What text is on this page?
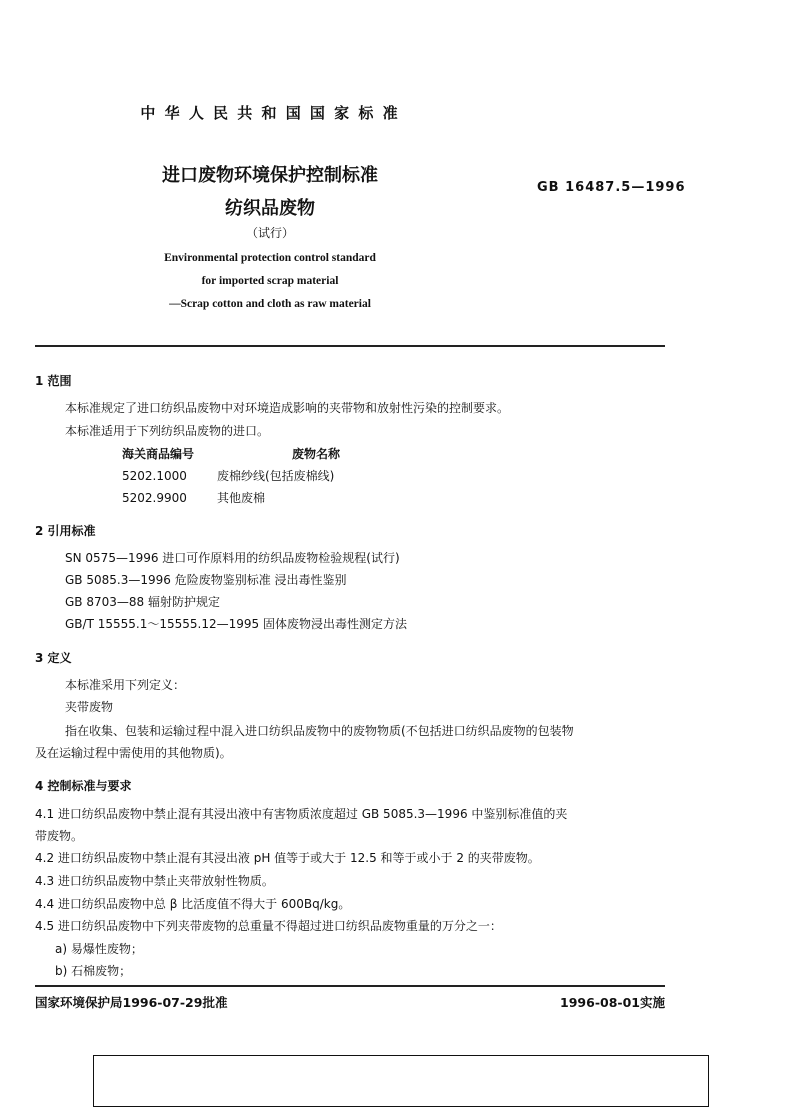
中 华 人 民 共 和 国 国 家 标 准
进口废物环境保护控制标准
纺织品废物
（试行）
Environmental protection control standard
for imported scrap material
—Scrap cotton and cloth as raw material
GB 16487.5—1996
1 范围
本标准规定了进口纺织品废物中对环境造成影响的夹带物和放射性污染的控制要求。
本标准适用于下列纺织品废物的进口。
海关商品编号	废物名称
5202.1000	废棉纱线(包括废棉线)
5202.9900	其他废棉
2 引用标准
SN 0575—1996 进口可作原料用的纺织品废物检验规程(试行)
GB 5085.3—1996 危险废物鉴别标准 浸出毒性鉴别
GB 8703—88 辐射防护规定
GB/T 15555.1～15555.12—1995 固体废物浸出毒性测定方法
3 定义
本标准采用下列定义：
夹带废物
指在收集、包装和运输过程中混入进口纺织品废物中的废物物质(不包括进口纺织品废物的包装物
及在运输过程中需使用的其他物质)。
4 控制标准与要求
4.1 进口纺织品废物中禁止混有其浸出液中有害物质浓度超过 GB 5085.3—1996 中鉴别标准值的夹
带废物。
4.2 进口纺织品废物中禁止混有其浸出液 pH 值等于或大于 12.5 和等于或小于 2 的夹带废物。
4.3 进口纺织品废物中禁止夹带放射性物质。
4.4 进口纺织品废物中总 β 比活度值不得大于 600Bq/kg。
4.5 进口纺织品废物中下列夹带废物的总重量不得超过进口纺织品废物重量的万分之一：
a) 易爆性废物；
b) 石棉废物；
国家环境保护局1996-07-29批准	1996-08-01实施
